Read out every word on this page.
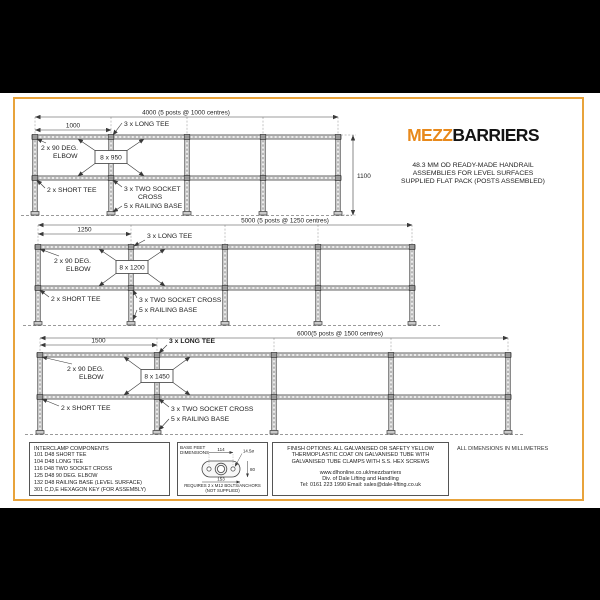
4000 (5 posts @ 1000 centres)
1000
1100
8 x 950
3 x LONG TEE
2 x 90 DEG.
ELBOW
2 x SHORT TEE	3 x TWO SOCKET
CROSS
5 x RAILING BASE
5000 (5 posts @ 1250 centres)
1250
8 x 1200
3 x LONG TEE
2 x 90 DEG.
ELBOW
2 x SHORT TEE	3 x TWO SOCKET CROSS
5 x RAILING BASE
6000(5 posts @ 1500 centres)
1500
8 x 1450
3 x LONG TEE
2 x 90 DEG.
ELBOW
2 x SHORT TEE	3 x TWO SOCKET CROSS
5 x RAILING BASE
MEZZBARRIERS
48.3 MM OD READY-MADE HANDRAIL
ASSEMBLIES FOR LEVEL SURFACES
SUPPLIED FLAT PACK (POSTS ASSEMBLED)
INTERCLAMP COMPONENTS
101 D48 SHORT TEE
104 D48 LONG TEE
116 D48 TWO SOCKET CROSS
125 D48 90 DEG. ELBOW
132 D48 RAILING BASE (LEVEL SURFACE)
301 C,D,E HEXAGON KEY (FOR ASSEMBLY)
114	14.5ø
80
153
BASE FEET
DIMENSIONS
REQUIRES 2 x M12 BOLTS/ANCHORS
(NOT SUPPLIED)
FINISH OPTIONS: ALL GALVANISED OR SAFETY YELLOW
THERMOPLASTIC COAT ON GALVANISED TUBE WITH
GALVANISED TUBE CLAMPS WITH S.S. HEX SCREWS
www.dlhonline.co.uk/mezzbarriers
Div. of Dale Lifting and Handling
Tel: 0161 223 1990 Email: sales@dale-lifting.co.uk
ALL DIMENSIONS IN MILLIMETRES
